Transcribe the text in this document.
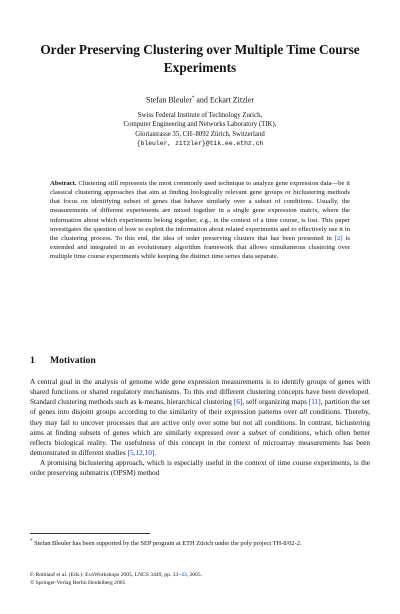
Order Preserving Clustering over Multiple Time Course Experiments
Stefan Bleuler* and Eckart Zitzler
Swiss Federal Institute of Technology Zurich,
Computer Engineering and Networks Laboratory (TIK),
Gloriastrasse 35, CH–8092 Zürich, Switzerland
{bleuler, zitzler}@tik.ee.ethz.ch

Abstract. Clustering still represents the most commonly used technique to analyze gene expression data—be it classical clustering approaches that aim at finding biologically relevant gene groups or biclustering methods that focus on identifying subset of genes that behave similarly over a subset of conditions. Usually, the measurements of different experiments are mixed together in a single gene expression matrix, where the information about which experiments belong together, e.g., in the context of a time course, is lost. This paper investigates the question of how to exploit the information about related experiments and to effectively use it in the clustering process. To this end, the idea of order preserving clusters that has been presented in [2] is extended and integrated in an evolutionary algorithm framework that allows simultaneous clustering over multiple time course experiments while keeping the distinct time series data separate.

1 Motivation

A central goal in the analysis of genome wide gene expression measurements is to identify groups of genes with shared functions or shared regulatory mechanisms. To this end different clustering concepts have been developed. Standard clustering methods such as k-means, hierarchical clustering [6], self organizing maps [11], partition the set of genes into disjoint groups according to the similarity of their expression patterns over all conditions. Thereby, they may fail to uncover processes that are active only over some but not all conditions. In contrast, biclustering aims at finding subsets of genes which are similarly expressed over a subset of conditions, which often better reflects biological reality. The usefulness of this concept in the context of microarray measurements has been demonstrated in different studies [5,12,10].

A promising biclustering approach, which is especially useful in the context of time course experiments, is the order preserving submatrix (OPSM) method

* Stefan Bleuler has been supported by the SEP program at ETH Zürich under the poly project TH-8/02-2.
F. Rothlauf et al. (Eds.): EvoWorkshops 2005, LNCS 3449, pp. 33–43, 2005.
© Springer-Verlag Berlin Heidelberg 2005
